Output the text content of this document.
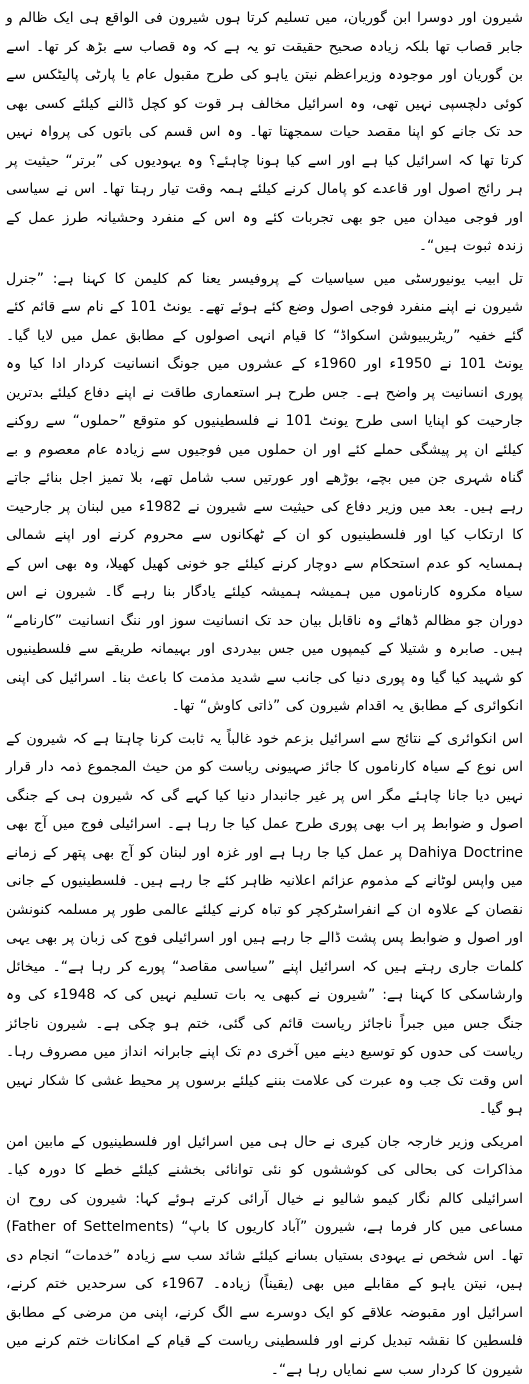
شیرون اور دوسرا ابن گوریان، میں تسلیم کرتا ہوں شیرون فی الواقع ہی ایک ظالم و جابر قصاب تھا بلکہ زیادہ صحیح حقیقت تو یہ ہے کہ وہ قصاب سے بڑھ کر تھا۔ اسے بن گوریان اور موجودہ وزیراعظم نیتن یاہو کی طرح مقبول عام یا پارٹی پالیٹکس سے کوئی دلچسپی نہیں تھی، وہ اسرائیل مخالف ہر قوت کو کچل ڈالنے کیلئے کسی بھی حد تک جانے کو اپنا مقصد حیات سمجھتا تھا۔ وہ اس قسم کی باتوں کی پرواہ نہیں کرتا تھا کہ اسرائیل کیا ہے اور اسے کیا ہونا چاہئے؟ وہ یہودیوں کی ”برتر“ حیثیت پر ہر رائج اصول اور قاعدے کو پامال کرنے کیلئے ہمہ وقت تیار رہتا تھا۔ اس نے سیاسی اور فوجی میدان میں جو بھی تجربات کئے وہ اس کے منفرد وحشیانہ طرز عمل کے زندہ ثبوت ہیں“۔

تل ابیب یونیورسٹی میں سیاسیات کے پروفیسر یعنا کم کلیمن کا کہنا ہے: ”جنرل شیرون نے اپنے منفرد فوجی اصول وضع کئے ہوئے تھے۔ یونٹ 101 کے نام سے قائم کئے گئے خفیہ ”ریٹریبیوشن اسکواڈ“ کا قیام انہی اصولوں کے مطابق عمل میں لایا گیا۔ یونٹ 101 نے 1950ء اور 1960ء کے عشروں میں جونگ انسانیت کردار ادا کیا وہ پوری انسانیت پر واضح ہے۔ جس طرح ہر استعماری طاقت نے اپنے دفاع کیلئے بدترین جارحیت کو اپنایا اسی طرح یونٹ 101 نے فلسطینیوں کو متوقع ”حملوں“ سے روکنے کیلئے ان پر پیشگی حملے کئے اور ان حملوں میں فوجیوں سے زیادہ عام معصوم و بے گناہ شہری جن میں بچے، بوڑھے اور عورتیں سب شامل تھے، بلا تمیز اجل بنائے جاتے رہے ہیں۔ بعد میں وزیر دفاع کی حیثیت سے شیرون نے 1982ء میں لبنان پر جارحیت کا ارتکاب کیا اور فلسطینیوں کو ان کے ٹھکانوں سے محروم کرنے اور اپنے شمالی ہمسایہ کو عدم استحکام سے دوچار کرنے کیلئے جو خونی کھیل کھیلا، وہ بھی اس کے سیاہ مکروہ کارناموں میں ہمیشہ ہمیشہ کیلئے یادگار بنا رہے گا۔ شیرون نے اس دوران جو مظالم ڈھائے وہ ناقابل بیان حد تک انسانیت سوز اور ننگ انسانیت ”کارنامے“ ہیں۔ صابرہ و شتیلا کے کیمپوں میں جس بیدردی اور بہیمانہ طریقے سے فلسطینیوں کو شہید کیا گیا وہ پوری دنیا کی جانب سے شدید مذمت کا باعث بنا۔ اسرائیل کی اپنی انکوائری کے مطابق یہ اقدام شیرون کی ”ذاتی کاوش“ تھا۔

اس انکوائری کے نتائج سے اسرائیل بزعم خود غالباً یہ ثابت کرنا چاہتا ہے کہ شیرون کے اس نوع کے سیاہ کارناموں کا جائز صہیونی ریاست کو من حیث المجموع ذمہ دار قرار نہیں دیا جانا چاہئے مگر اس پر غیر جانبدار دنیا کیا کہے گی کہ شیرون ہی کے جنگی اصول و ضوابط پر اب بھی پوری طرح عمل کیا جا رہا ہے۔ اسرائیلی فوج میں آج بھی Dahiya Doctrine پر عمل کیا جا رہا ہے اور غزہ اور لبنان کو آج بھی پتھر کے زمانے میں واپس لوٹانے کے مذموم عزائم اعلانیہ ظاہر کئے جا رہے ہیں۔ فلسطینیوں کے جانی نقصان کے علاوہ ان کے انفراسٹرکچر کو تباہ کرنے کیلئے عالمی طور پر مسلمہ کنونشن اور اصول و ضوابط پس پشت ڈالے جا رہے ہیں اور اسرائیلی فوج کی زبان پر بھی یہی کلمات جاری رہتے ہیں کہ اسرائیل اپنے ”سیاسی مقاصد“ پورے کر رہا ہے“۔ میخائل وارشاسکی کا کہنا ہے: ”شیرون نے کبھی یہ بات تسلیم نہیں کی کہ 1948ء کی وہ جنگ جس میں جبراً ناجائز ریاست قائم کی گئی، ختم ہو چکی ہے۔ شیرون ناجائز ریاست کی حدوں کو توسیع دینے میں آخری دم تک اپنے جابرانہ انداز میں مصروف رہا۔ اس وقت تک جب وہ عبرت کی علامت بننے کیلئے برسوں پر محیط غشی کا شکار نہیں ہو گیا۔

امریکی وزیر خارجہ جان کیری نے حال ہی میں اسرائیل اور فلسطینیوں کے مابین امن مذاکرات کی بحالی کی کوششوں کو نئی توانائی بخشنے کیلئے خطے کا دورہ کیا۔ اسرائیلی کالم نگار کیمو شالیو نے خیال آرائی کرتے ہوئے کہا: شیرون کی روح ان مساعی میں کار فرما ہے، شیرون ”آباد کاریوں کا باپ“ (Father of Settelments) تھا۔ اس شخص نے یہودی بستیاں بسانے کیلئے شائد سب سے زیادہ ”خدمات“ انجام دی ہیں، نیتن یاہو کے مقابلے میں بھی (یقیناً) زیادہ۔ 1967ء کی سرحدیں ختم کرنے، اسرائیل اور مقبوضہ علاقے کو ایک دوسرے سے الگ کرنے، اپنی من مرضی کے مطابق فلسطین کا نقشہ تبدیل کرنے اور فلسطینی ریاست کے قیام کے امکانات ختم کرنے میں شیرون کا کردار سب سے نمایاں رہا ہے“۔
